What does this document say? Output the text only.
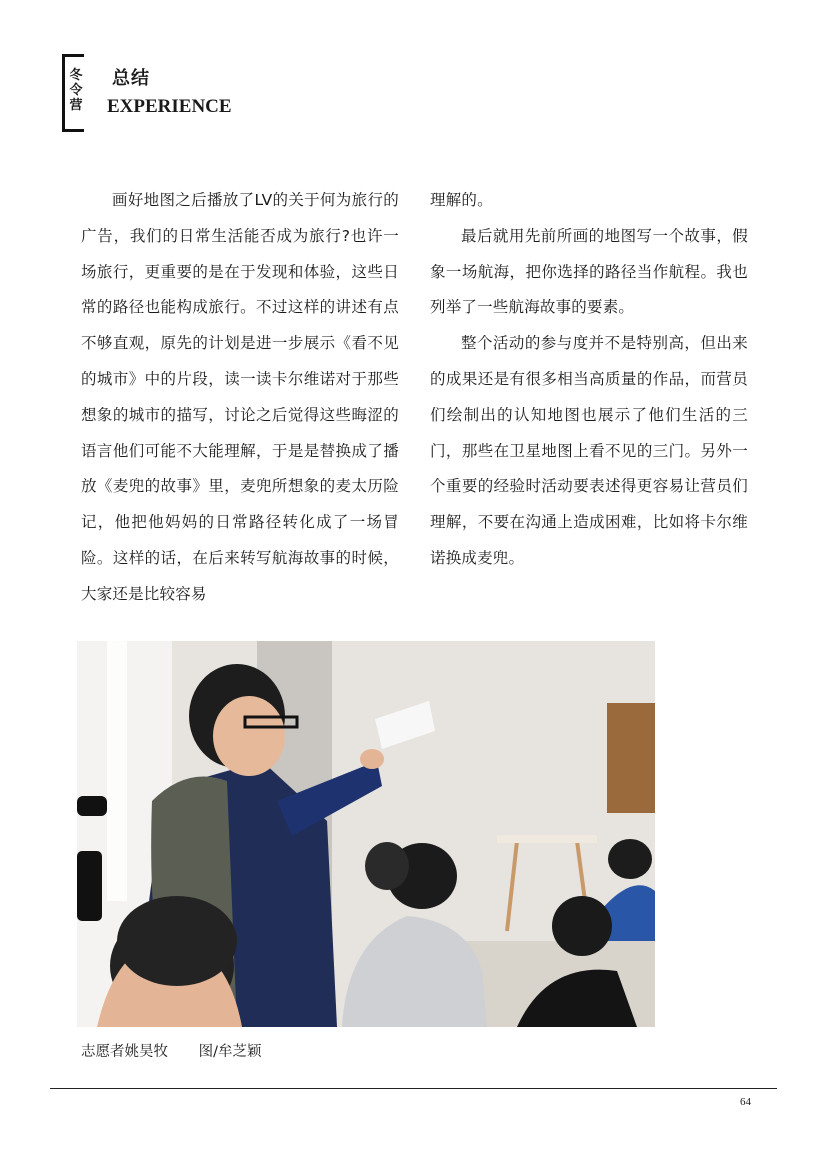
冬令营
总结
EXPERIENCE

画好地图之后播放了LV的关于何为旅行的广告，我们的日常生活能否成为旅行?也许一场旅行，更重要的是在于发现和体验，这些日常的路径也能构成旅行。不过这样的讲述有点不够直观，原先的计划是进一步展示《看不见的城市》中的片段，读一读卡尔维诺对于那些想象的城市的描写，讨论之后觉得这些晦涩的语言他们可能不大能理解，于是是替换成了播放《麦兜的故事》里，麦兜所想象的麦太历险记，他把他妈妈的日常路径转化成了一场冒险。这样的话，在后来转写航海故事的时候，大家还是比较容易

理解的。

最后就用先前所画的地图写一个故事，假象一场航海，把你选择的路径当作航程。我也列举了一些航海故事的要素。

整个活动的参与度并不是特别高，但出来的成果还是有很多相当高质量的作品，而营员们绘制出的认知地图也展示了他们生活的三门，那些在卫星地图上看不见的三门。另外一个重要的经验时活动要表述得更容易让营员们理解，不要在沟通上造成困难，比如将卡尔维诺换成麦兜。

志愿者姚昊牧 图/牟芝颖
64
